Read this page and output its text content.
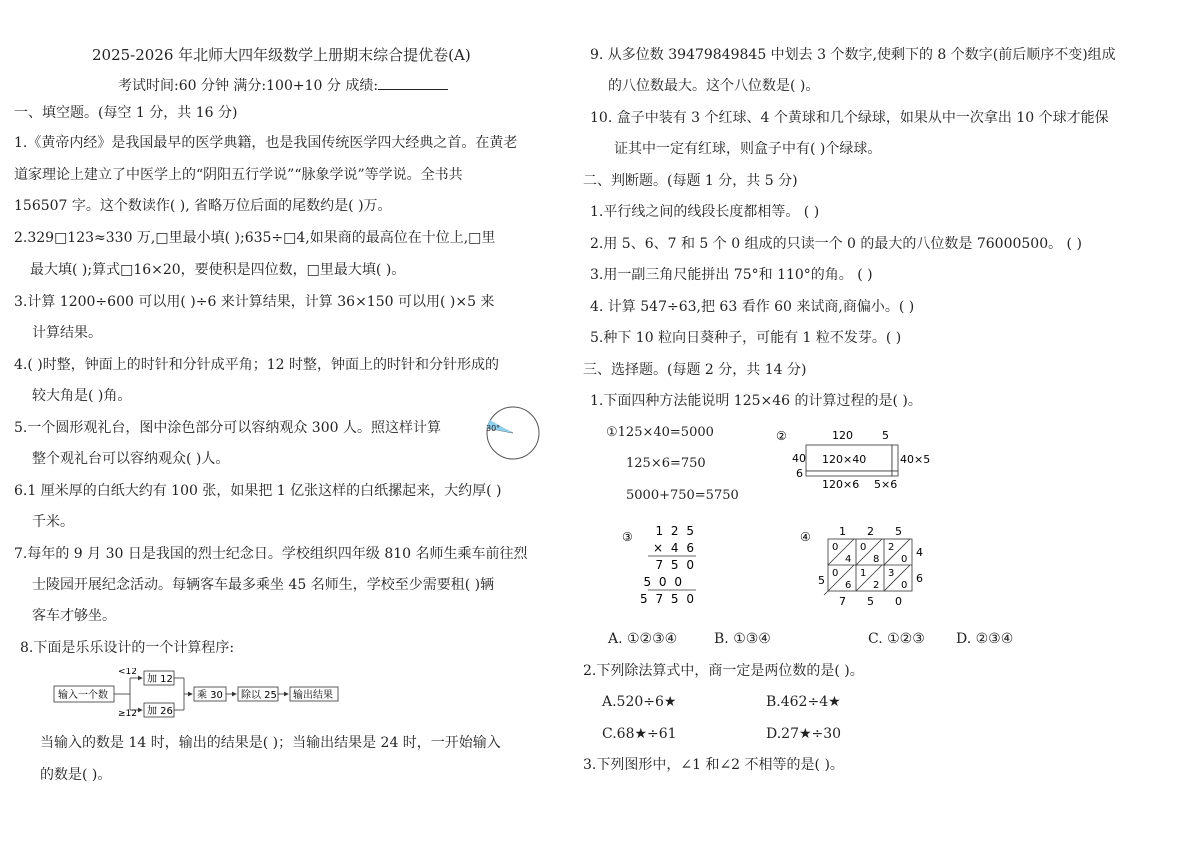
2025-2026 年北师大四年级数学上册期末综合提优卷(A)
考试时间:60 分钟 满分:100+10 分 成绩:
一、填空题。(每空 1 分，共 16 分)
1.《黄帝内经》是我国最早的医学典籍，也是我国传统医学四大经典之首。在黄老
道家理论上建立了中医学上的“阴阳五行学说”“脉象学说”等学说。全书共
156507 字。这个数读作( ), 省略万位后面的尾数约是( )万。
2.329□123≈330 万,□里最小填( );635÷□4,如果商的最高位在十位上,□里
最大填( );算式□16×20，要使积是四位数，□里最大填( )。
3.计算 1200÷600 可以用( )÷6 来计算结果，计算 36×150 可以用( )×5 来
计算结果。
4.( )时整，钟面上的时针和分针成平角；12 时整，钟面上的时针和分针形成的
较大角是( )角。
5.一个圆形观礼台，图中涂色部分可以容纳观众 300 人。照这样计算
整个观礼台可以容纳观众( )人。
30°
6.1 厘米厚的白纸大约有 100 张，如果把 1 亿张这样的白纸摞起来，大约厚( )
千米。
7.每年的 9 月 30 日是我国的烈士纪念日。学校组织四年级 810 名师生乘车前往烈
士陵园开展纪念活动。每辆客车最多乘坐 45 名师生，学校至少需要租( )辆
客车才够坐。
8.下面是乐乐设计的一个计算程序:
输入一个数
<12
≥12
加 12
加 26
乘 30 除以 25 输出结果
当输入的数是 14 时，输出的结果是( )；当输出结果是 24 时，一开始输入
的数是( )。
9. 从多位数 39479849845 中划去 3 个数字,使剩下的 8 个数字(前后顺序不变)组成
的八位数最大。这个八位数是( )。
10. 盒子中装有 3 个红球、4 个黄球和几个绿球，如果从中一次拿出 10 个球才能保
证其中一定有红球，则盒子中有( )个绿球。
二、判断题。(每题 1 分，共 5 分)
1.平行线之间的线段长度都相等。 ( )
2.用 5、6、7 和 5 个 0 组成的只读一个 0 的最大的八位数是 76000500。 ( )
3.用一副三角尺能拼出 75°和 110°的角。 ( )
4. 计算 547÷63,把 63 看作 60 来试商,商偏小。( )
5.种下 10 粒向日葵种子，可能有 1 粒不发芽。( )
三、选择题。(每题 2 分，共 14 分)
1.下面四种方法能说明 125×46 的计算过程的是( )。
①125×40=5000
125×6=750
5000+750=5750
②	120	5
40
6
120×40	40×5
120×6 5×6
③ 1 2 5
× 4 6
7 5 0
5 0 0
5 7 5 0
④	1 2 5
0
4
0
8
2
0
0
6
1
2
3
0
4
6
5
7 5 0
A. ①②③④	B. ①③④	C. ①②③ D. ②③④
2.下列除法算式中，商一定是两位数的是( )。
A.520÷6★	B.462÷4★
C.68★÷61	D.27★÷30
3.下列图形中，∠1 和∠2 不相等的是( )。
